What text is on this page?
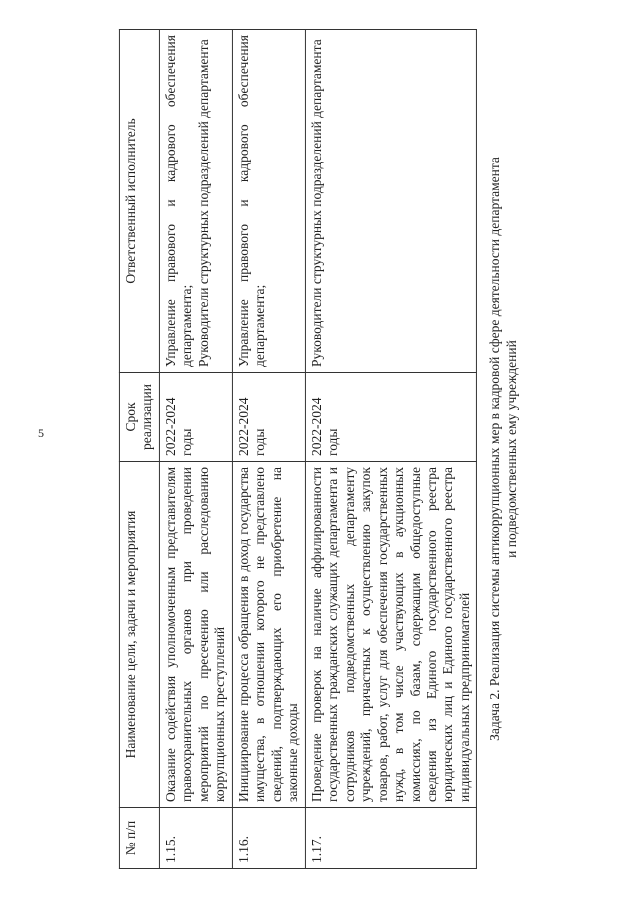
5
№ п/п	Наименование цели, задачи и мероприятия	Срок реализации	Ответственный исполнитель
1.15.	Оказание содействия уполномоченным представителям правоохранительных органов при проведении мероприятий по пресечению или расследованию коррупционных преступлений	2022-2024 годы	Управление правового и кадрового обеспечения департамента; Руководители структурных подразделений департамента

1.16.	Инициирование процесса обращения в доход государства имущества, в отношении которого не представлено сведений, подтверждающих его приобретение на законные доходы	2022-2024 годы	Управление правового и кадрового обеспечения департамента;

1.17.	Проведение проверок на наличие аффилированности государственных гражданских служащих департамента и сотрудников подведомственных департаменту учреждений, причастных к осуществлению закупок товаров, работ, услуг для обеспечения государственных нужд, в том числе участвующих в аукционных комиссиях, по базам, содержащим общедоступные сведения из Единого государственного реестра юридических лиц и Единого государственного реестра индивидуальных предпринимателей	2022-2024 годы	Руководители структурных подразделений департамента	Задача 2. Реализация системы антикоррупционных мер в кадровой сфере деятельности департамента и подведомственных ему учреждений
